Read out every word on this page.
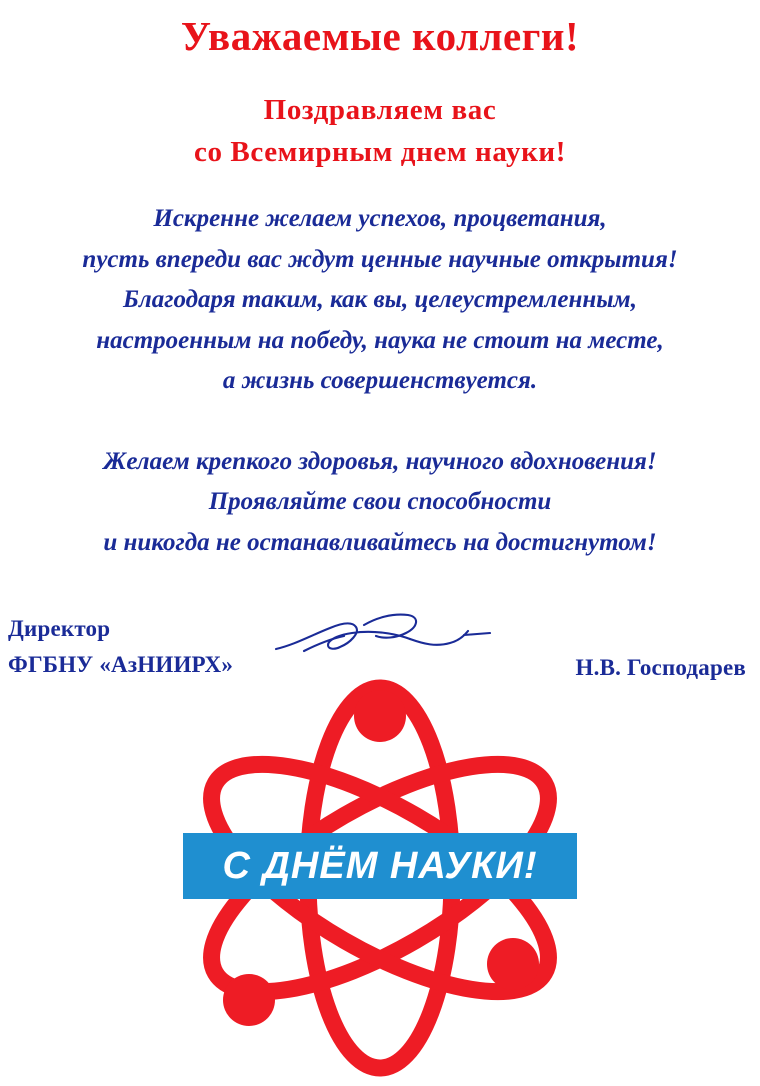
Уважаемые коллеги!
Поздравляем вас
со Всемирным днем науки!
Искренне желаем успехов, процветания,
пусть впереди вас ждут ценные научные открытия!
Благодаря таким, как вы, целеустремленным,
настроенным на победу, наука не стоит на месте,
а жизнь совершенствуется.
Желаем крепкого здоровья, научного вдохновения!
Проявляйте свои способности
и никогда не останавливайтесь на достигнутом!
Директор
ФГБНУ «АзНИИРХ»	Н.В. Господарев
С ДНЁМ НАУКИ!
